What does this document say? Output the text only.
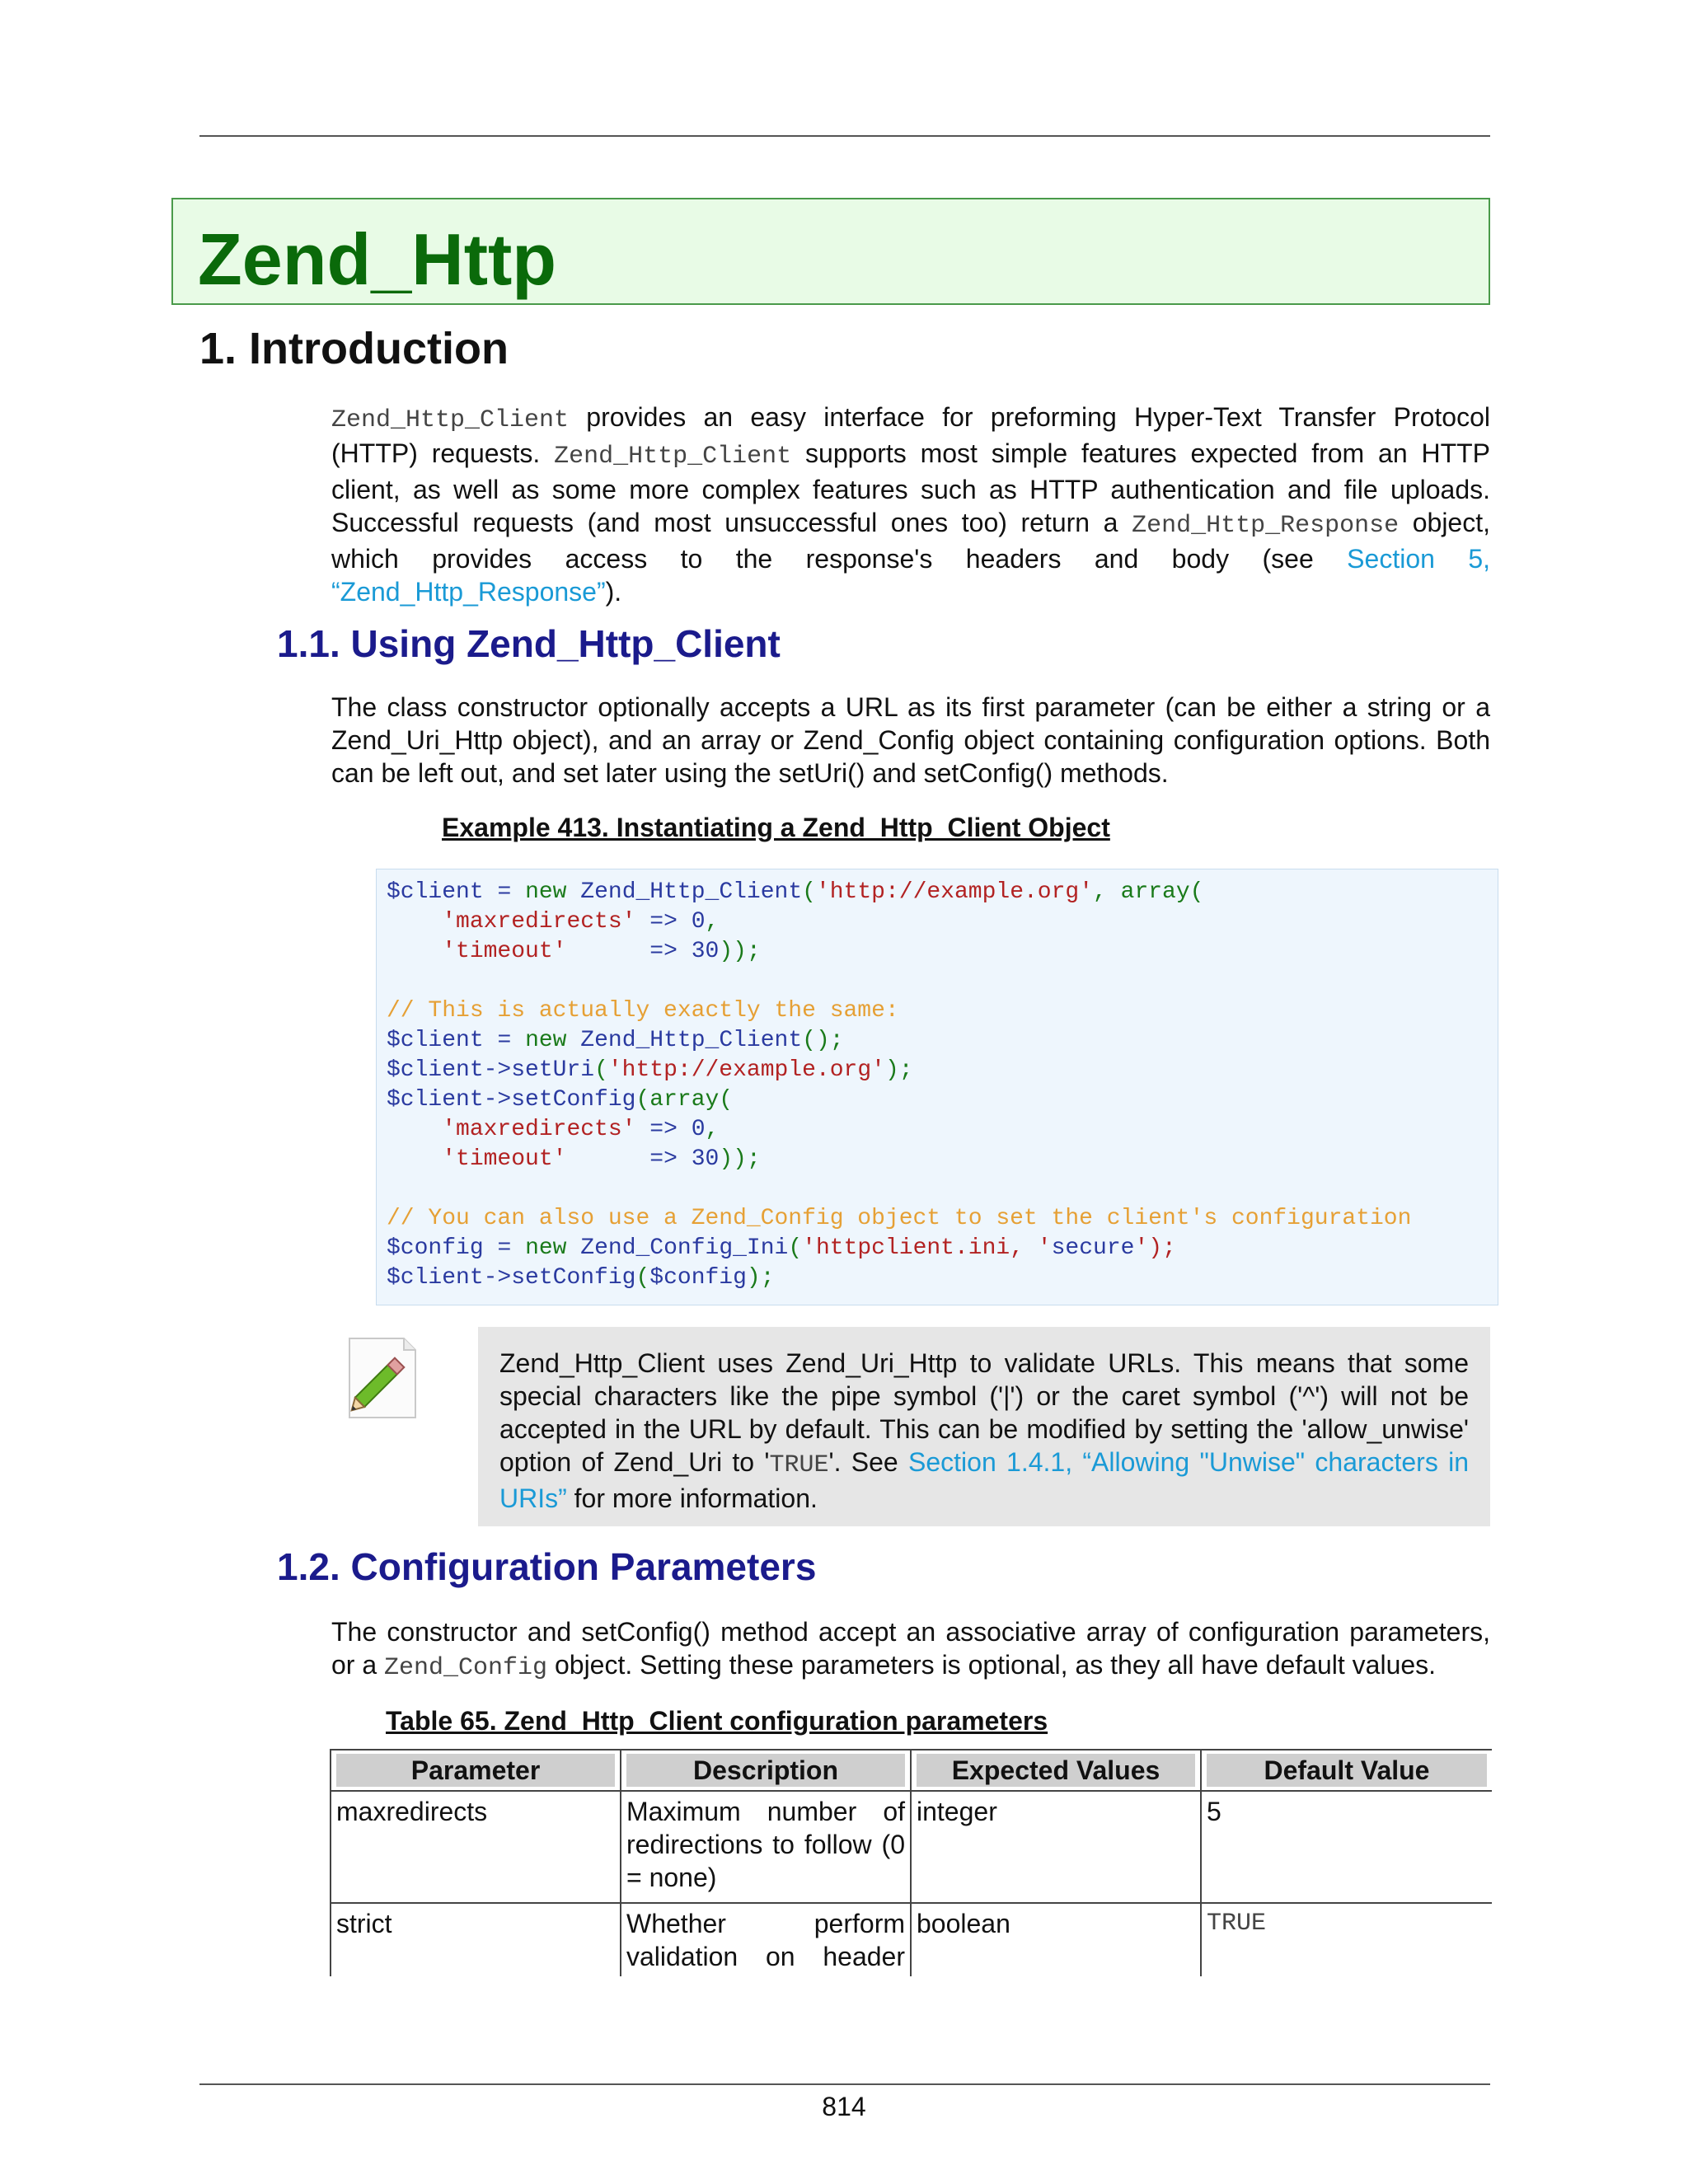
Zend_Http
1. Introduction
Zend_Http_Client provides an easy interface for preforming Hyper-Text Transfer Protocol (HTTP) requests. Zend_Http_Client supports most simple features expected from an HTTP client, as well as some more complex features such as HTTP authentication and file uploads. Successful requests (and most unsuccessful ones too) return a Zend_Http_Response object, which provides access to the response's headers and body (see Section 5, “Zend_Http_Response”).
1.1. Using Zend_Http_Client
The class constructor optionally accepts a URL as its first parameter (can be either a string or a Zend_Uri_Http object), and an array or Zend_Config object containing configuration options. Both can be left out, and set later using the setUri() and setConfig() methods.
Example 413. Instantiating a Zend_Http_Client Object
$client = new Zend_Http_Client('http://example.org', array(
'maxredirects' => 0,
'timeout'	=> 30));

// This is actually exactly the same:
$client = new Zend_Http_Client();
$client->setUri('http://example.org');
$client->setConfig(array(
'maxredirects' => 0,
'timeout'	=> 30));

// You can also use a Zend_Config object to set the client's configuration
$config = new Zend_Config_Ini('httpclient.ini, 'secure');
$client->setConfig($config);

Zend_Http_Client uses Zend_Uri_Http to validate URLs. This means that some special characters like the pipe symbol ('|') or the caret symbol ('^') will not be accepted in the URL by default. This can be modified by setting the 'allow_unwise' option of Zend_Uri to 'TRUE'. See Section 1.4.1, “Allowing "Unwise" characters in URIs” for more information.
1.2. Configuration Parameters
The constructor and setConfig() method accept an associative array of configuration parameters, or a Zend_Config object. Setting these parameters is optional, as they all have default values.
Table 65. Zend_Http_Client configuration parameters
Parameter	Description	Expected Values	Default Value

maxredirects	Maximum number of redirections to follow (0 = none)	integer	5
strict	Whether perform validation on header	boolean	TRUE
814
